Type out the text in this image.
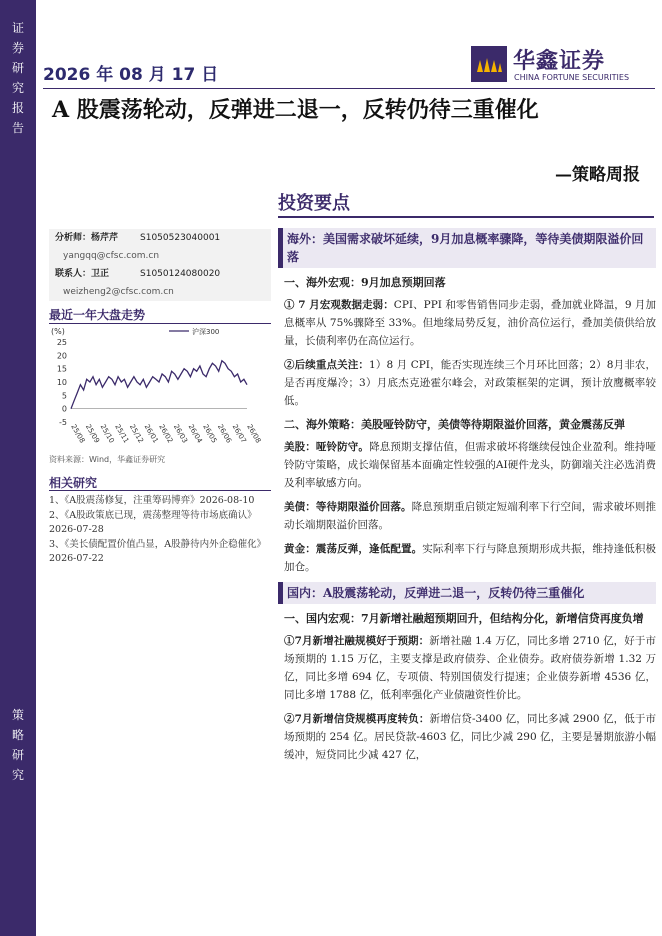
证券研究报告
策略研究
2026 年 08 月 17 日
华鑫证券
CHINA FORTUNE SECURITIES
A 股震荡轮动，反弹进二退一，反转仍待三重催化
—策略周报
投资要点
分析师：杨芹芹	S1050523040001
yangqq@cfsc.com.cn
联系人：卫正	S1050124080020
weizheng2@cfsc.com.cn
最近一年大盘走势
(%)
25
20
15
10
5
0
-5
25/08
25/09
25/10
25/11
25/12
26/01
26/02
26/03
26/04
26/05
26/06
26/07
26/08
沪深300
资料来源：Wind，华鑫证券研究
相关研究
1、《A股震荡修复，注重筹码博弈》2026-08-10
2、《A股政策底已现，震荡整理等待市场底确认》2026-07-28
3、《美长债配置价值凸显，A股静待内外企稳催化》2026-07-22
海外：美国需求破坏延续，9月加息概率骤降，等待美债期限溢价回落
一、海外宏观：9月加息预期回落
① 7 月宏观数据走弱：CPI、PPI 和零售销售同步走弱，叠加就业降温，9 月加息概率从 75%骤降至 33%。但地缘局势反复，油价高位运行，叠加美债供给放量，长债利率仍在高位运行。
②后续重点关注：1）8 月 CPI，能否实现连续三个月环比回落；2）8月非农，是否再度爆冷；3）月底杰克逊霍尔峰会，对政策框架的定调，预计放鹰概率较低。
二、海外策略：美股哑铃防守，美债等待期限溢价回落，黄金震荡反弹
美股：哑铃防守。降息预期支撑估值，但需求破坏将继续侵蚀企业盈利。维持哑铃防守策略，成长端保留基本面确定性较强的AI硬件龙头，防御端关注必选消费及利率敏感方向。
美债：等待期限溢价回落。降息预期重启锁定短端利率下行空间，需求破坏则推动长端期限溢价回落。
黄金：震荡反弹，逢低配置。实际利率下行与降息预期形成共振，维持逢低积极加仓。
国内：A股震荡轮动，反弹进二退一，反转仍待三重催化
一、国内宏观：7月新增社融超预期回升，但结构分化，新增信贷再度负增
①7月新增社融规模好于预期：新增社融 1.4 万亿，同比多增 2710 亿，好于市场预期的 1.15 万亿，主要支撑是政府债券、企业债券。政府债券新增 1.32 万亿，同比多增 694 亿，专项债、特别国债发行提速；企业债券新增 4536 亿，同比多增 1788 亿，低利率强化产业债融资性价比。
②7月新增信贷规模再度转负：新增信贷-3400 亿，同比多减 2900 亿，低于市场预期的 254 亿。居民贷款-4603 亿，同比少减 290 亿，主要是暑期旅游小幅缓冲，短贷同比少减 427 亿，
